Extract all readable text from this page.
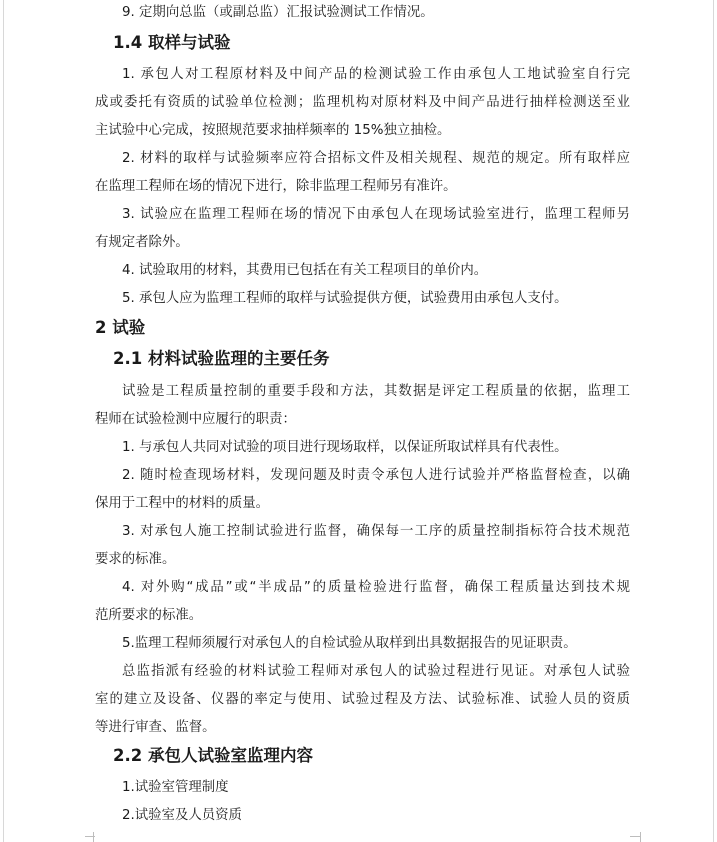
9. 定期向总监（或副总监）汇报试验测试工作情况。
1.4 取样与试验
1. 承包人对工程原材料及中间产品的检测试验工作由承包人工地试验室自行完
成或委托有资质的试验单位检测；监理机构对原材料及中间产品进行抽样检测送至业
主试验中心完成，按照规范要求抽样频率的 15%独立抽检。
2. 材料的取样与试验频率应符合招标文件及相关规程、规范的规定。所有取样应
在监理工程师在场的情况下进行，除非监理工程师另有准许。
3. 试验应在监理工程师在场的情况下由承包人在现场试验室进行，监理工程师另
有规定者除外。
4. 试验取用的材料，其费用已包括在有关工程项目的单价内。
5. 承包人应为监理工程师的取样与试验提供方便，试验费用由承包人支付。
2 试验
2.1 材料试验监理的主要任务
试验是工程质量控制的重要手段和方法，其数据是评定工程质量的依据，监理工
程师在试验检测中应履行的职责：
1. 与承包人共同对试验的项目进行现场取样，以保证所取试样具有代表性。
2. 随时检查现场材料，发现问题及时责令承包人进行试验并严格监督检查，以确
保用于工程中的材料的质量。
3. 对承包人施工控制试验进行监督，确保每一工序的质量控制指标符合技术规范
要求的标准。
4. 对外购“成品”或“半成品”的质量检验进行监督，确保工程质量达到技术规
范所要求的标准。
5.监理工程师须履行对承包人的自检试验从取样到出具数据报告的见证职责。
总监指派有经验的材料试验工程师对承包人的试验过程进行见证。对承包人试验
室的建立及设备、仪器的率定与使用、试验过程及方法、试验标准、试验人员的资质
等进行审查、监督。
2.2 承包人试验室监理内容
1.试验室管理制度
2.试验室及人员资质
